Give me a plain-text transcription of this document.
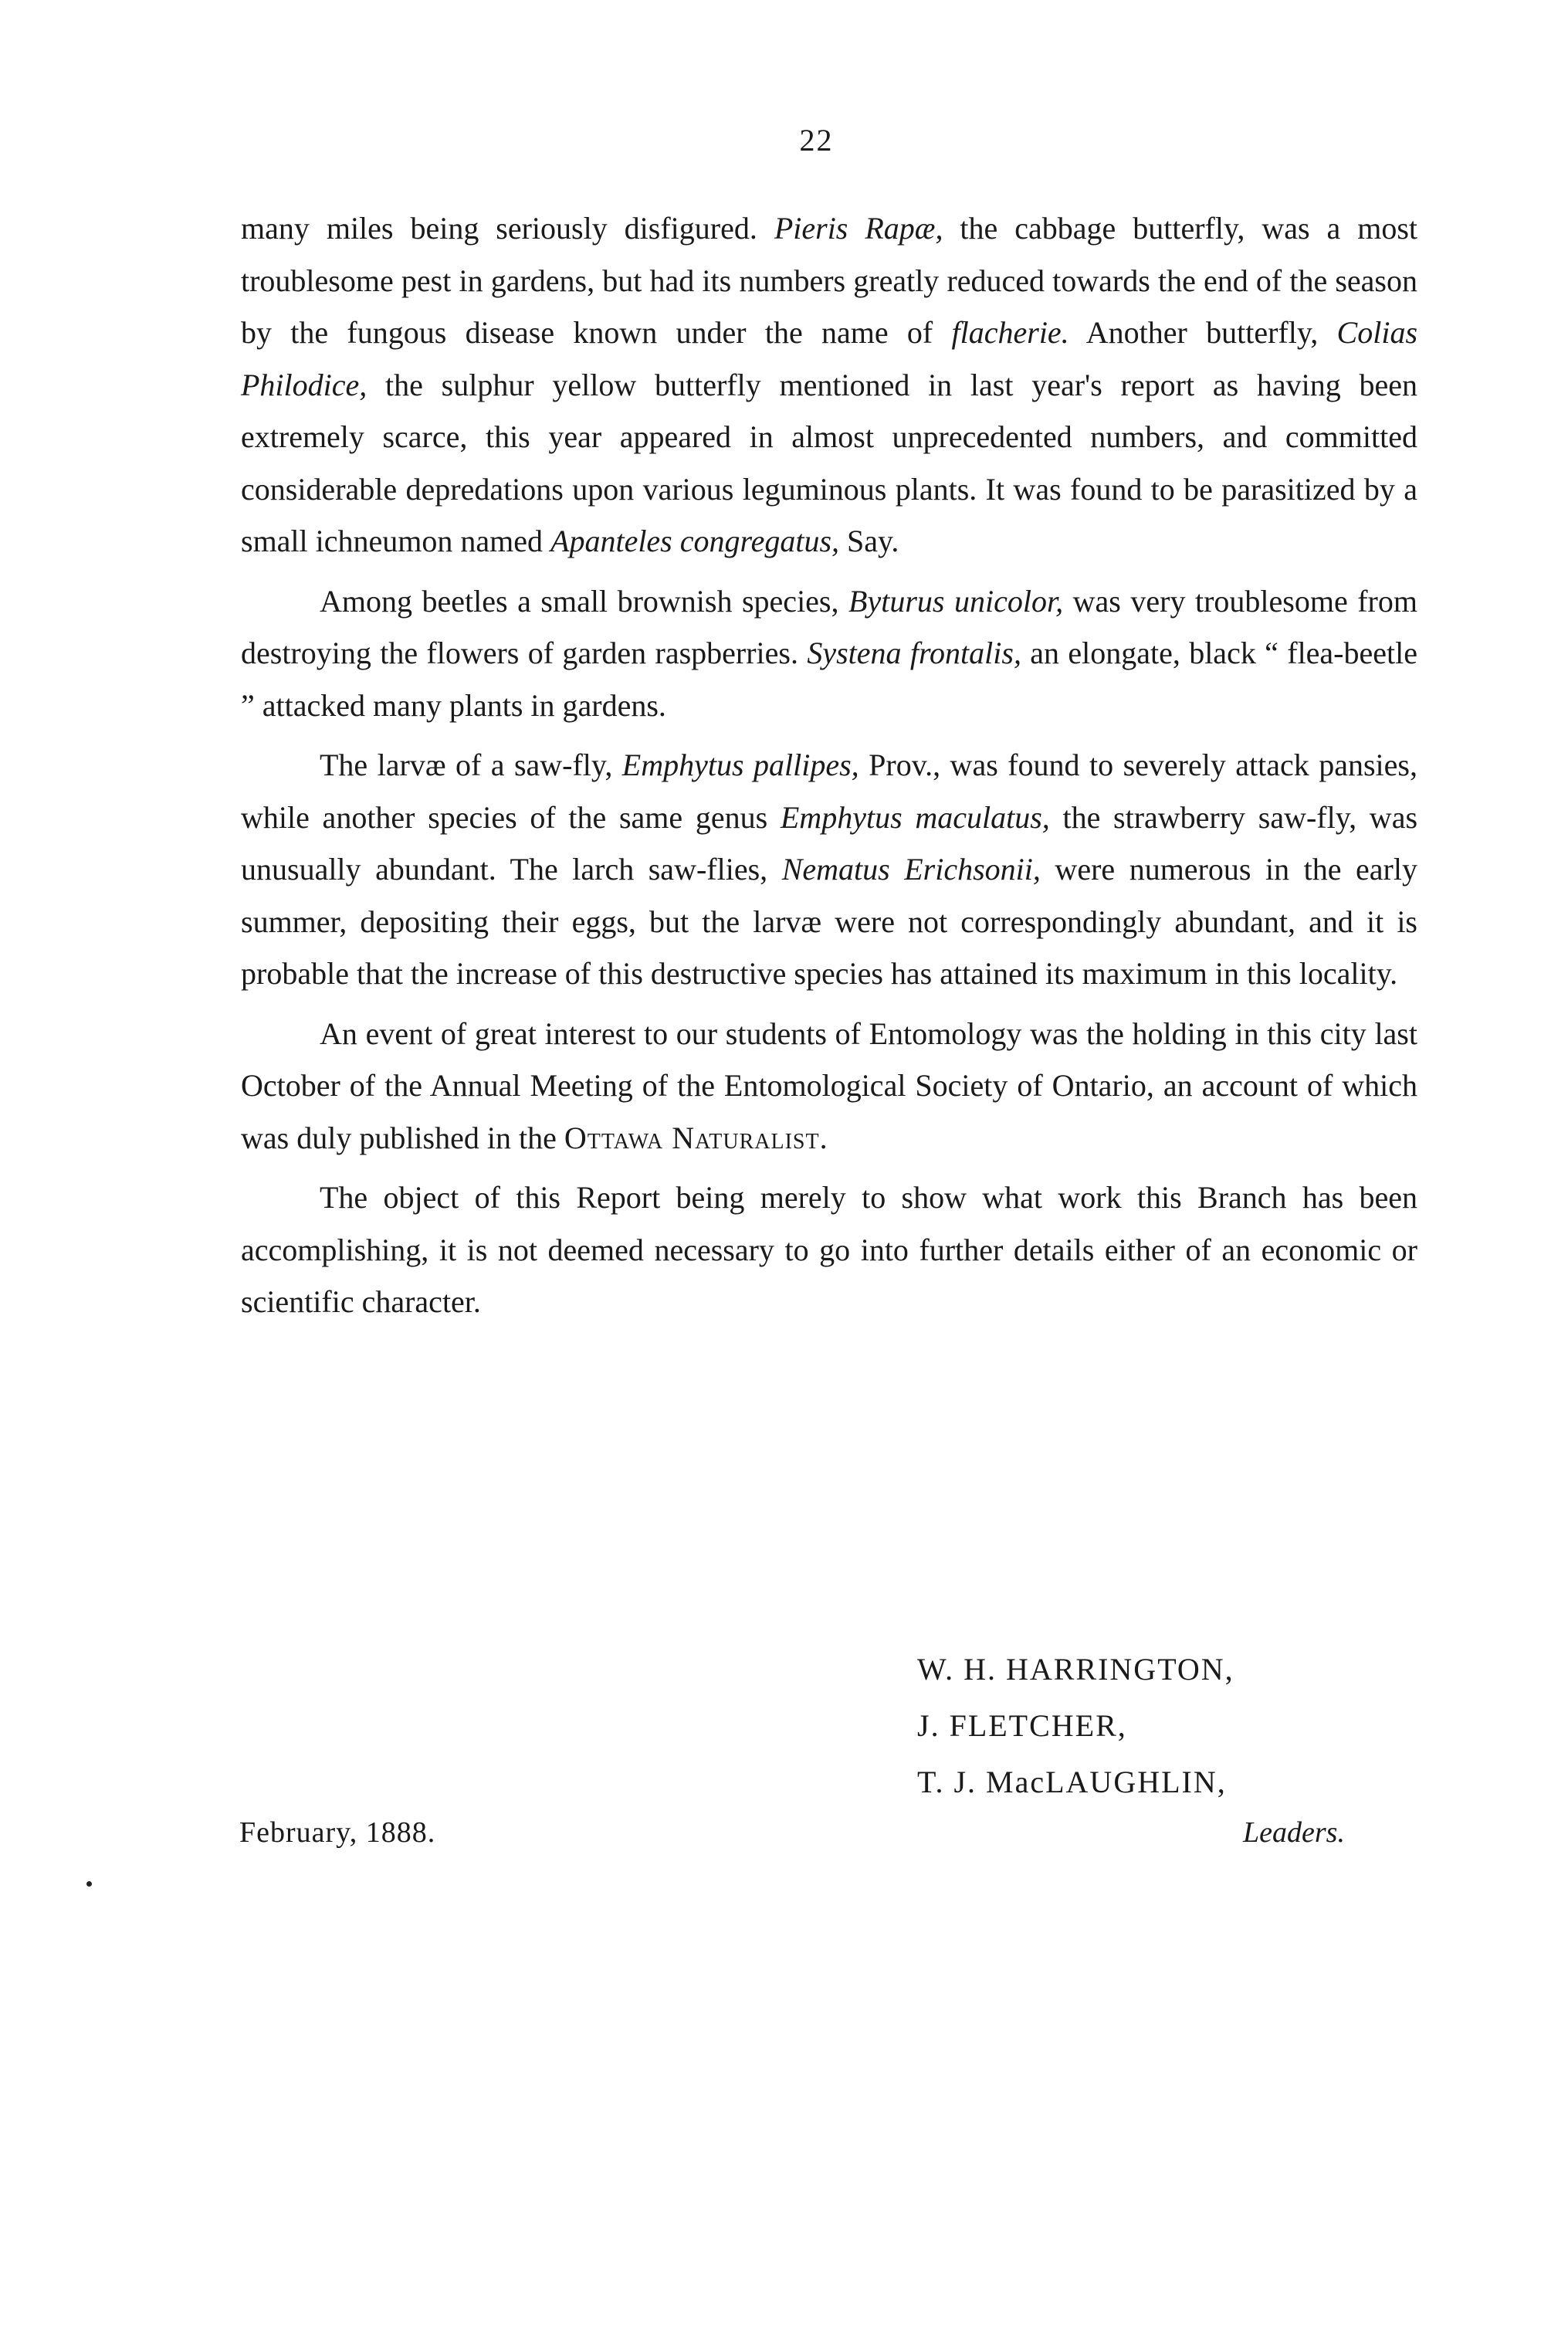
22

many miles being seriously disfigured. Pieris Rapæ, the cabbage butterfly, was a most troublesome pest in gardens, but had its numbers greatly reduced towards the end of the season by the fungous disease known under the name of flacherie. Another butterfly, Colias Philodice, the sulphur yellow butterfly mentioned in last year's report as having been extremely scarce, this year appeared in almost unprecedented numbers, and committed considerable depredations upon various leguminous plants. It was found to be parasitized by a small ichneumon named Apanteles congregatus, Say.

Among beetles a small brownish species, Byturus unicolor, was very troublesome from destroying the flowers of garden raspberries. Systena frontalis, an elongate, black “ flea-beetle ” attacked many plants in gardens.

The larvæ of a saw-fly, Emphytus pallipes, Prov., was found to severely attack pansies, while another species of the same genus Emphytus maculatus, the strawberry saw-fly, was unusually abundant. The larch saw-flies, Nematus Erichsonii, were numerous in the early summer, depositing their eggs, but the larvæ were not correspondingly abundant, and it is probable that the increase of this destructive species has attained its maximum in this locality.

An event of great interest to our students of Entomology was the holding in this city last October of the Annual Meeting of the Entomological Society of Ontario, an account of which was duly published in the Ottawa Naturalist.

The object of this Report being merely to show what work this Branch has been accomplishing, it is not deemed necessary to go into further details either of an economic or scientific character.

W. H. HARRINGTON,
J. FLETCHER,
T. J. MacLAUGHLIN,
February, 1888.	Leaders.
